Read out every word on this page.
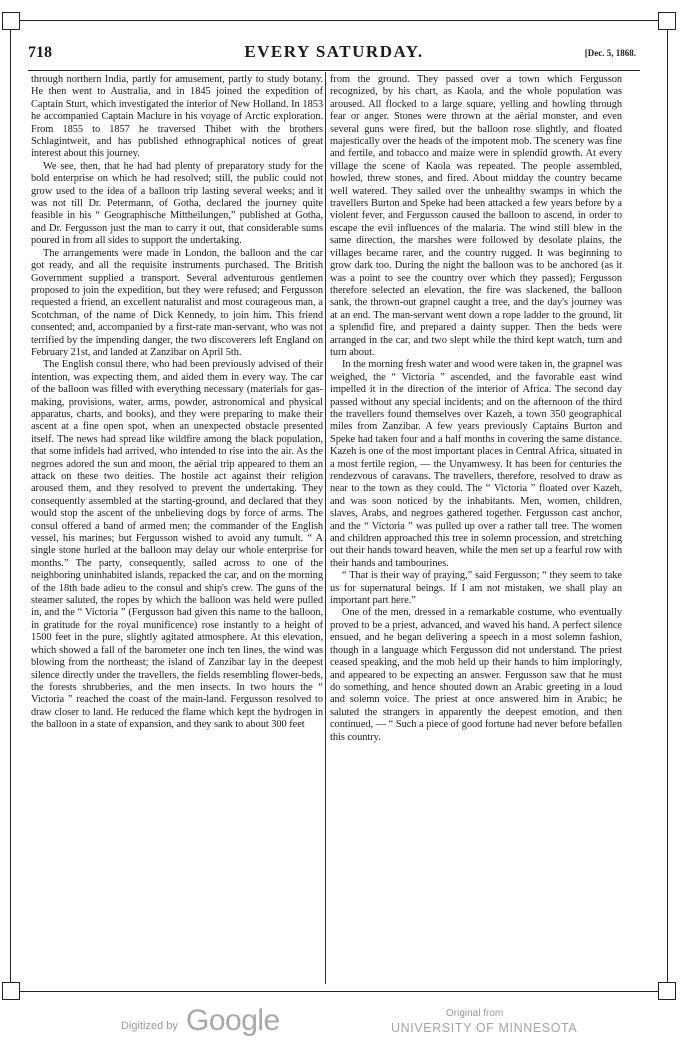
718	EVERY SATURDAY.	[Dec. 5, 1868.

through northern India, partly for amusement, partly to study botany. He then went to Australia, and in 1845 joined the expedition of Captain Sturt, which investigated the interior of New Holland. In 1853 he accompanied Captain Maclure in his voyage of Arctic exploration. From 1855 to 1857 he traversed Thibet with the brothers Schlagintweit, and has published ethnographical notices of great interest about this journey.

We see, then, that he had had plenty of preparatory study for the bold enterprise on which he had resolved; still, the public could not grow used to the idea of a balloon trip lasting several weeks; and it was not till Dr. Petermann, of Gotha, declared the journey quite feasible in his “ Geographische Mittheilungen,” published at Gotha, and Dr. Fergusson just the man to carry it out, that considerable sums poured in from all sides to support the undertaking.

The arrangements were made in London, the balloon and the car got ready, and all the requisite instruments purchased. The British Government supplied a transport. Several adventurous gentlemen proposed to join the expedition, but they were refused; and Fergusson requested a friend, an excellent naturalist and most courageous man, a Scotchman, of the name of Dick Kennedy, to join him. This friend consented; and, accompanied by a first-rate man-servant, who was not terrified by the impending danger, the two discoverers left England on February 21st, and landed at Zanzibar on April 5th.

The English consul there, who had been previously advised of their intention, was expecting them, and aided them in every way. The car of the balloon was filled with everything necessary (materials for gas-making, provisions, water, arms, powder, astronomical and physical apparatus, charts, and books), and they were preparing to make their ascent at a fine open spot, when an unexpected obstacle presented itself. The news had spread like wildfire among the black population, that some infidels had arrived, who intended to rise into the air. As the negroes adored the sun and moon, the aërial trip appeared to them an attack on these two deities. The hostile act against their religion aroused them, and they resolved to prevent the undertaking. They consequently assembled at the starting-ground, and declared that they would stop the ascent of the unbelieving dogs by force of arms. The consul offered a band of armed men; the commander of the English vessel, his marines; but Fergusson wished to avoid any tumult. “ A single stone hurled at the balloon may delay our whole enterprise for months.” The party, consequently, sailed across to one of the neighboring uninhabited islands, repacked the car, and on the morning of the 18th bade adieu to the consul and ship's crew. The guns of the steamer saluted, the ropes by which the balloon was held were pulled in, and the “ Victoria ” (Fergusson had given this name to the balloon, in gratitude for the royal munificence) rose instantly to a height of 1500 feet in the pure, slightly agitated atmosphere. At this elevation, which showed a fall of the barometer one inch ten lines, the wind was blowing from the northeast; the island of Zanzibar lay in the deepest silence directly under the travellers, the fields resembling flower-beds, the forests shrubberies, and the men insects. In two hours the “ Victoria ” reached the coast of the main-land. Fergusson resolved to draw closer to land. He reduced the flame which kept the hydrogen in the balloon in a state of expansion, and they sank to about 300 feet

from the ground. They passed over a town which Fergusson recognized, by his chart, as Kaola, and the whole population was aroused. All flocked to a large square, yelling and howling through fear or anger. Stones were thrown at the aërial monster, and even several guns were fired, but the balloon rose slightly, and floated majestically over the heads of the impotent mob. The scenery was fine and fertile, and tobacco and maize were in splendid growth. At every village the scene of Kaola was repeated. The people assembled, howled, threw stones, and fired. About midday the country became well watered. They sailed over the unhealthy swamps in which the travellers Burton and Speke had been attacked a few years before by a violent fever, and Fergusson caused the balloon to ascend, in order to escape the evil influences of the malaria. The wind still blew in the same direction, the marshes were followed by desolate plains, the villages became rarer, and the country rugged. It was beginning to grow dark too. During the night the balloon was to be anchored (as it was a point to see the country over which they passed); Fergusson therefore selected an elevation, the fire was slackened, the balloon sank, the thrown-out grapnel caught a tree, and the day's journey was at an end. The man-servant went down a rope ladder to the ground, lit a splendid fire, and prepared a dainty supper. Then the beds were arranged in the car, and two slept while the third kept watch, turn and turn about.

In the morning fresh water and wood were taken in, the grapnel was weighed, the “ Victoria ” ascended, and the favorable east wind impelled it in the direction of the interior of Africa. The second day passed without any special incidents; and on the afternoon of the third the travellers found themselves over Kazeh, a town 350 geographical miles from Zanzibar. A few years previously Captains Burton and Speke had taken four and a half months in covering the same distance. Kazeh is one of the most important places in Central Africa, situated in a most fertile region, — the Unyamwesy. It has been for centuries the rendezvous of caravans. The travellers, therefore, resolved to draw as near to the town as they could. The “ Victoria ” floated over Kazeh, and was soon noticed by the inhabitants. Men, women, children, slaves, Arabs, and negroes gathered together. Fergusson cast anchor, and the “ Victoria ” was pulled up over a rather tall tree. The women and children approached this tree in solemn procession, and stretching out their hands toward heaven, while the men set up a fearful row with their hands and tambourines.

“ That is their way of praying,” said Fergusson; “ they seem to take us for supernatural beings. If I am not mistaken, we shall play an important part here.”

One of the men, dressed in a remarkable costume, who eventually proved to be a priest, advanced, and waved his hand. A perfect silence ensued, and he began delivering a speech in a most solemn fashion, though in a language which Fergusson did not understand. The priest ceased speaking, and the mob held up their hands to him imploringly, and appeared to be expecting an answer. Fergusson saw that he must do something, and hence shouted down an Arabic greeting in a loud and solemn voice. The priest at once answered him in Arabic; he saluted the strangers in apparently the deepest emotion, and then continued, — “ Such a piece of good fortune had never before befallen this country.

Digitized by Google	Original from
UNIVERSITY OF MINNESOTA
